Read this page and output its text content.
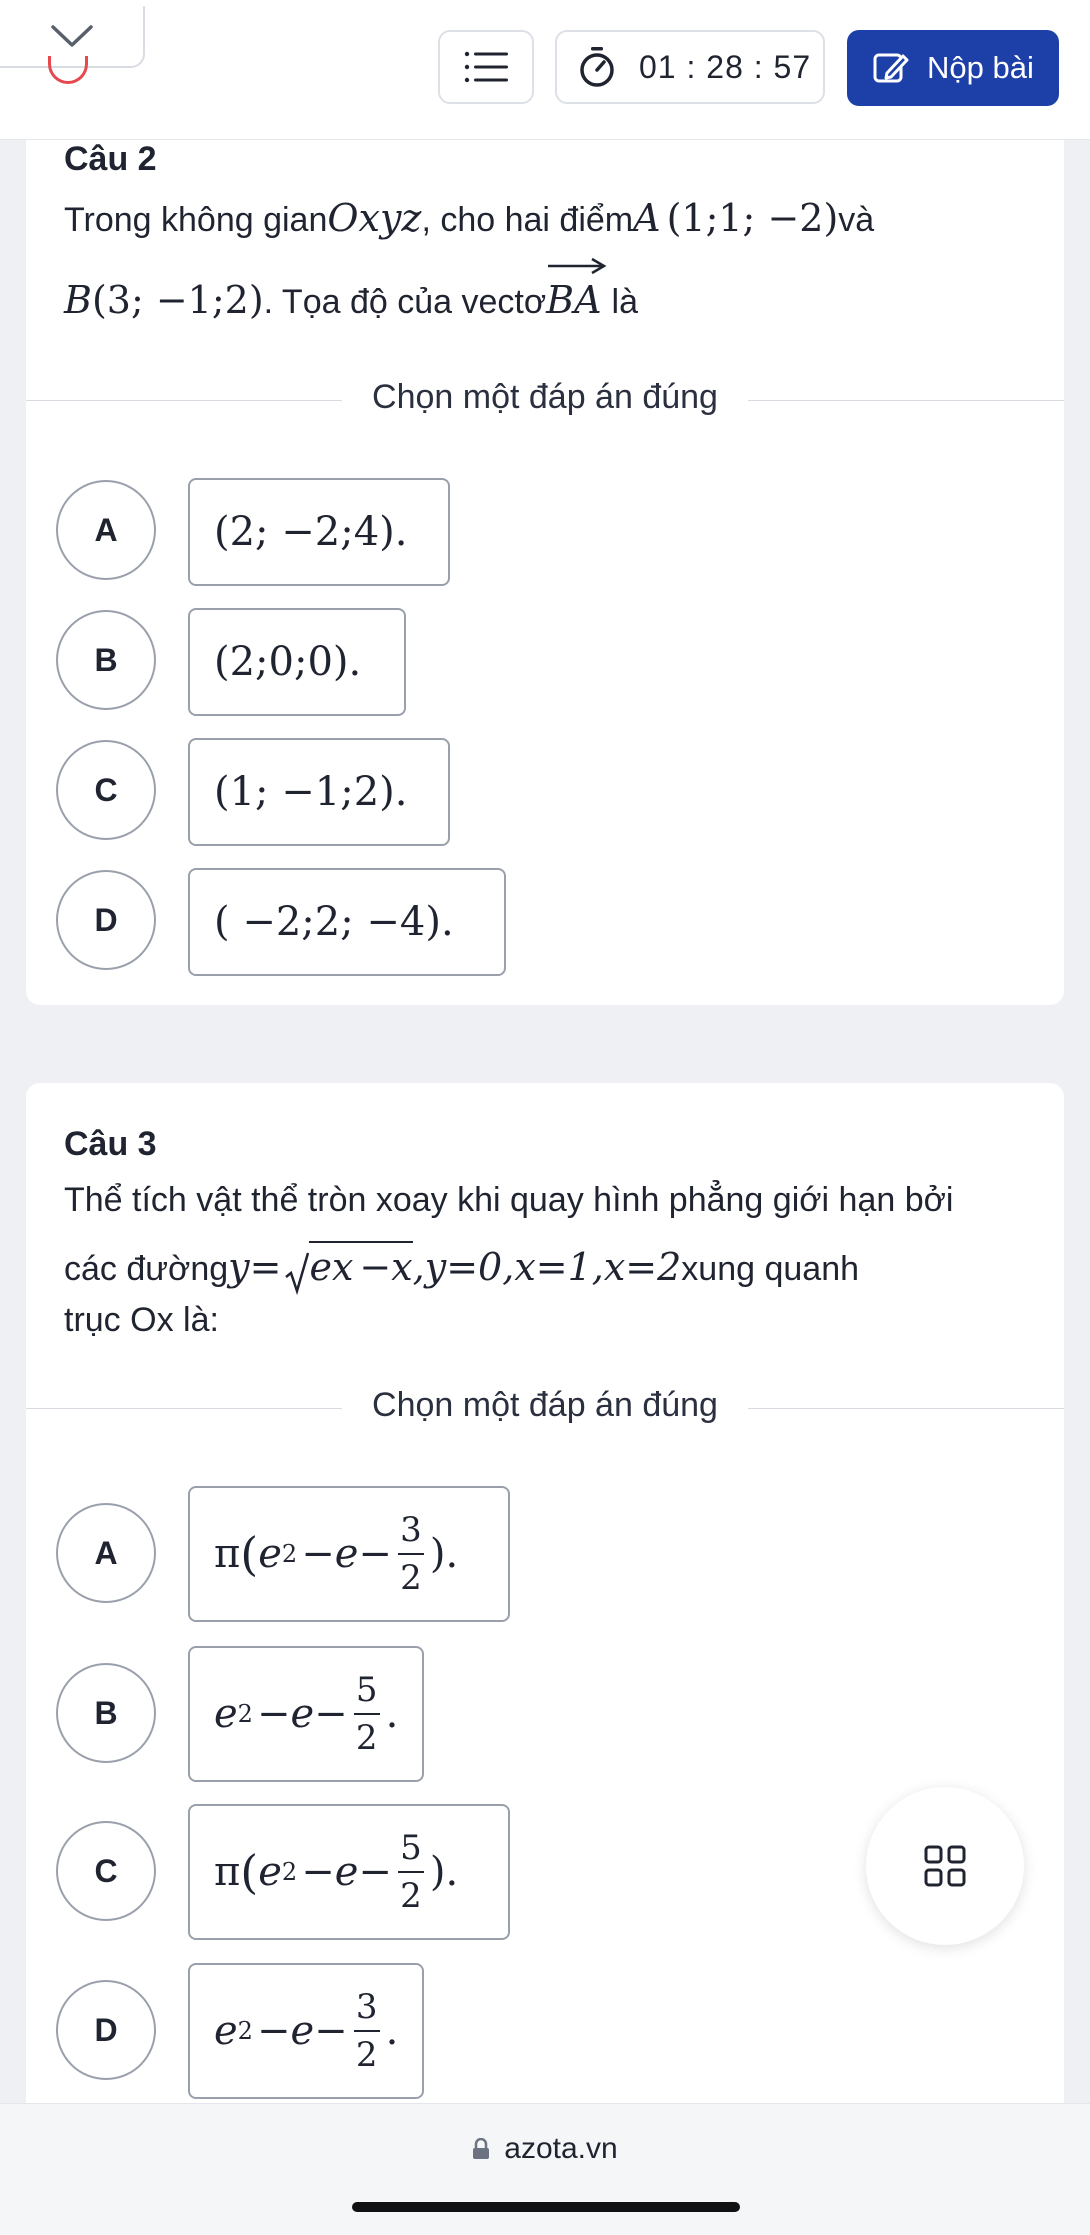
01 : 28 : 57	Nộp bài
Câu 2
Trong không gian Oxyz , cho hai điểm A (1;1; −2) và
B (3; −1;2) . Tọa độ của vectơ BA là
Chọn một đáp án đúng
A	(2; −2;4).
B	(2;0;0).
C	(1; −1;2).
D	( −2;2; −4).
Câu 3
Thể tích vật thể tròn xoay khi quay hình phẳng giới hạn bởi
các đường y = e x −x ,y=0,x=1,x=2 xung quanh
trục Ox là:
Chọn một đáp án đúng
A	π ( e $2 -e- \frac{3}{2}$ ).
B	e $2 -e- \frac{5}{2}$ .
C	π ( e $2 -e- \frac{5}{2}$ ).
D	e $2 -e- \frac{3}{2}$ .
azota.vn
